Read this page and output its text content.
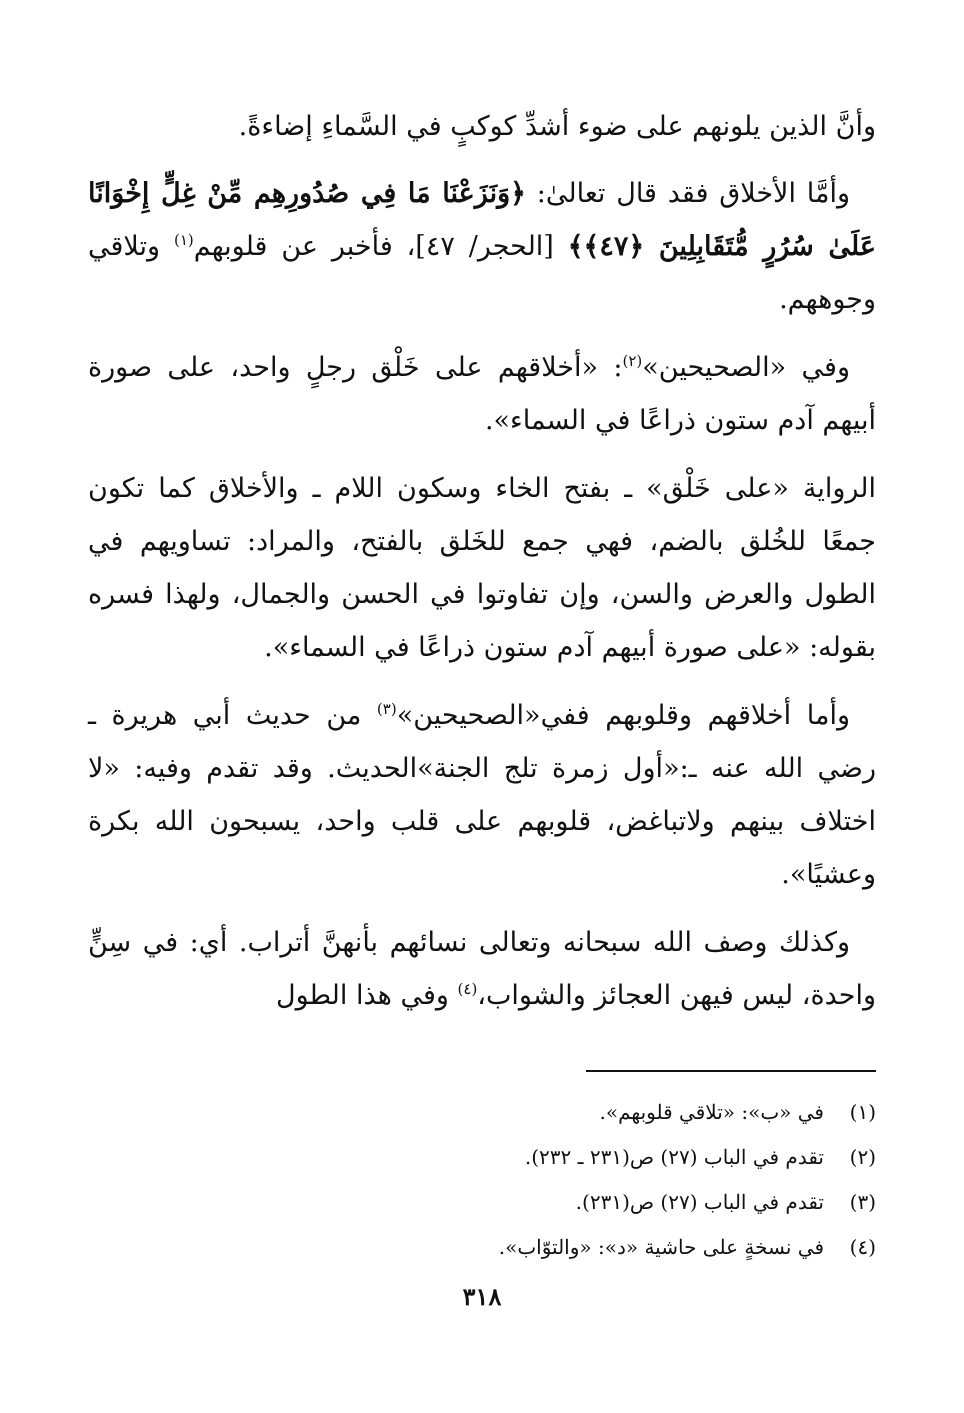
وأنَّ الذين يلونهم على ضوء أشدِّ كوكبٍ في السَّماءِ إضاءةً.

وأمَّا الأخلاق فقد قال تعالىٰ: ﴿وَنَزَعْنَا مَا فِي صُدُورِهِم مِّنْ غِلٍّ إِخْوَانًا عَلَىٰ سُرُرٍ مُّتَقَابِلِينَ ﴿٤٧﴾﴾ [الحجر/ ٤٧]، فأخبر عن قلوبهم$^{(١)}$ وتلاقي وجوههم.

وفي «الصحيحين»$^{(٢)}$: «أخلاقهم على خَلْق رجلٍ واحد، على صورة أبيهم آدم ستون ذراعًا في السماء».

الرواية «على خَلْق» ـ بفتح الخاء وسكون اللام ـ والأخلاق كما تكون جمعًا للخُلق بالضم، فهي جمع للخَلق بالفتح، والمراد: تساويهم في الطول والعرض والسن، وإن تفاوتوا في الحسن والجمال، ولهذا فسره بقوله: «على صورة أبيهم آدم ستون ذراعًا في السماء».

وأما أخلاقهم وقلوبهم ففي«الصحيحين»$^{(٣)}$ من حديث أبي هريرة ـ رضي الله عنه ـ:«أول زمرة تلج الجنة»الحديث. وقد تقدم وفيه: «لا اختلاف بينهم ولاتباغض، قلوبهم على قلب واحد، يسبحون الله بكرة وعشيًا».

وكذلك وصف الله سبحانه وتعالى نسائهم بأنهنَّ أتراب. أي: في سِنٍّ واحدة، ليس فيهن العجائز والشواب،$^{(٤)}$ وفي هذا الطول

(١)
في «ب»: «تلاقي قلوبهم».
(٢)
تقدم في الباب (٢٧) ص(٢٣١ ـ ٢٣٢).
(٣)
تقدم في الباب (٢٧) ص(٢٣١).
(٤)
في نسخةٍ على حاشية «د»: «والتوّاب».
٣١٨
